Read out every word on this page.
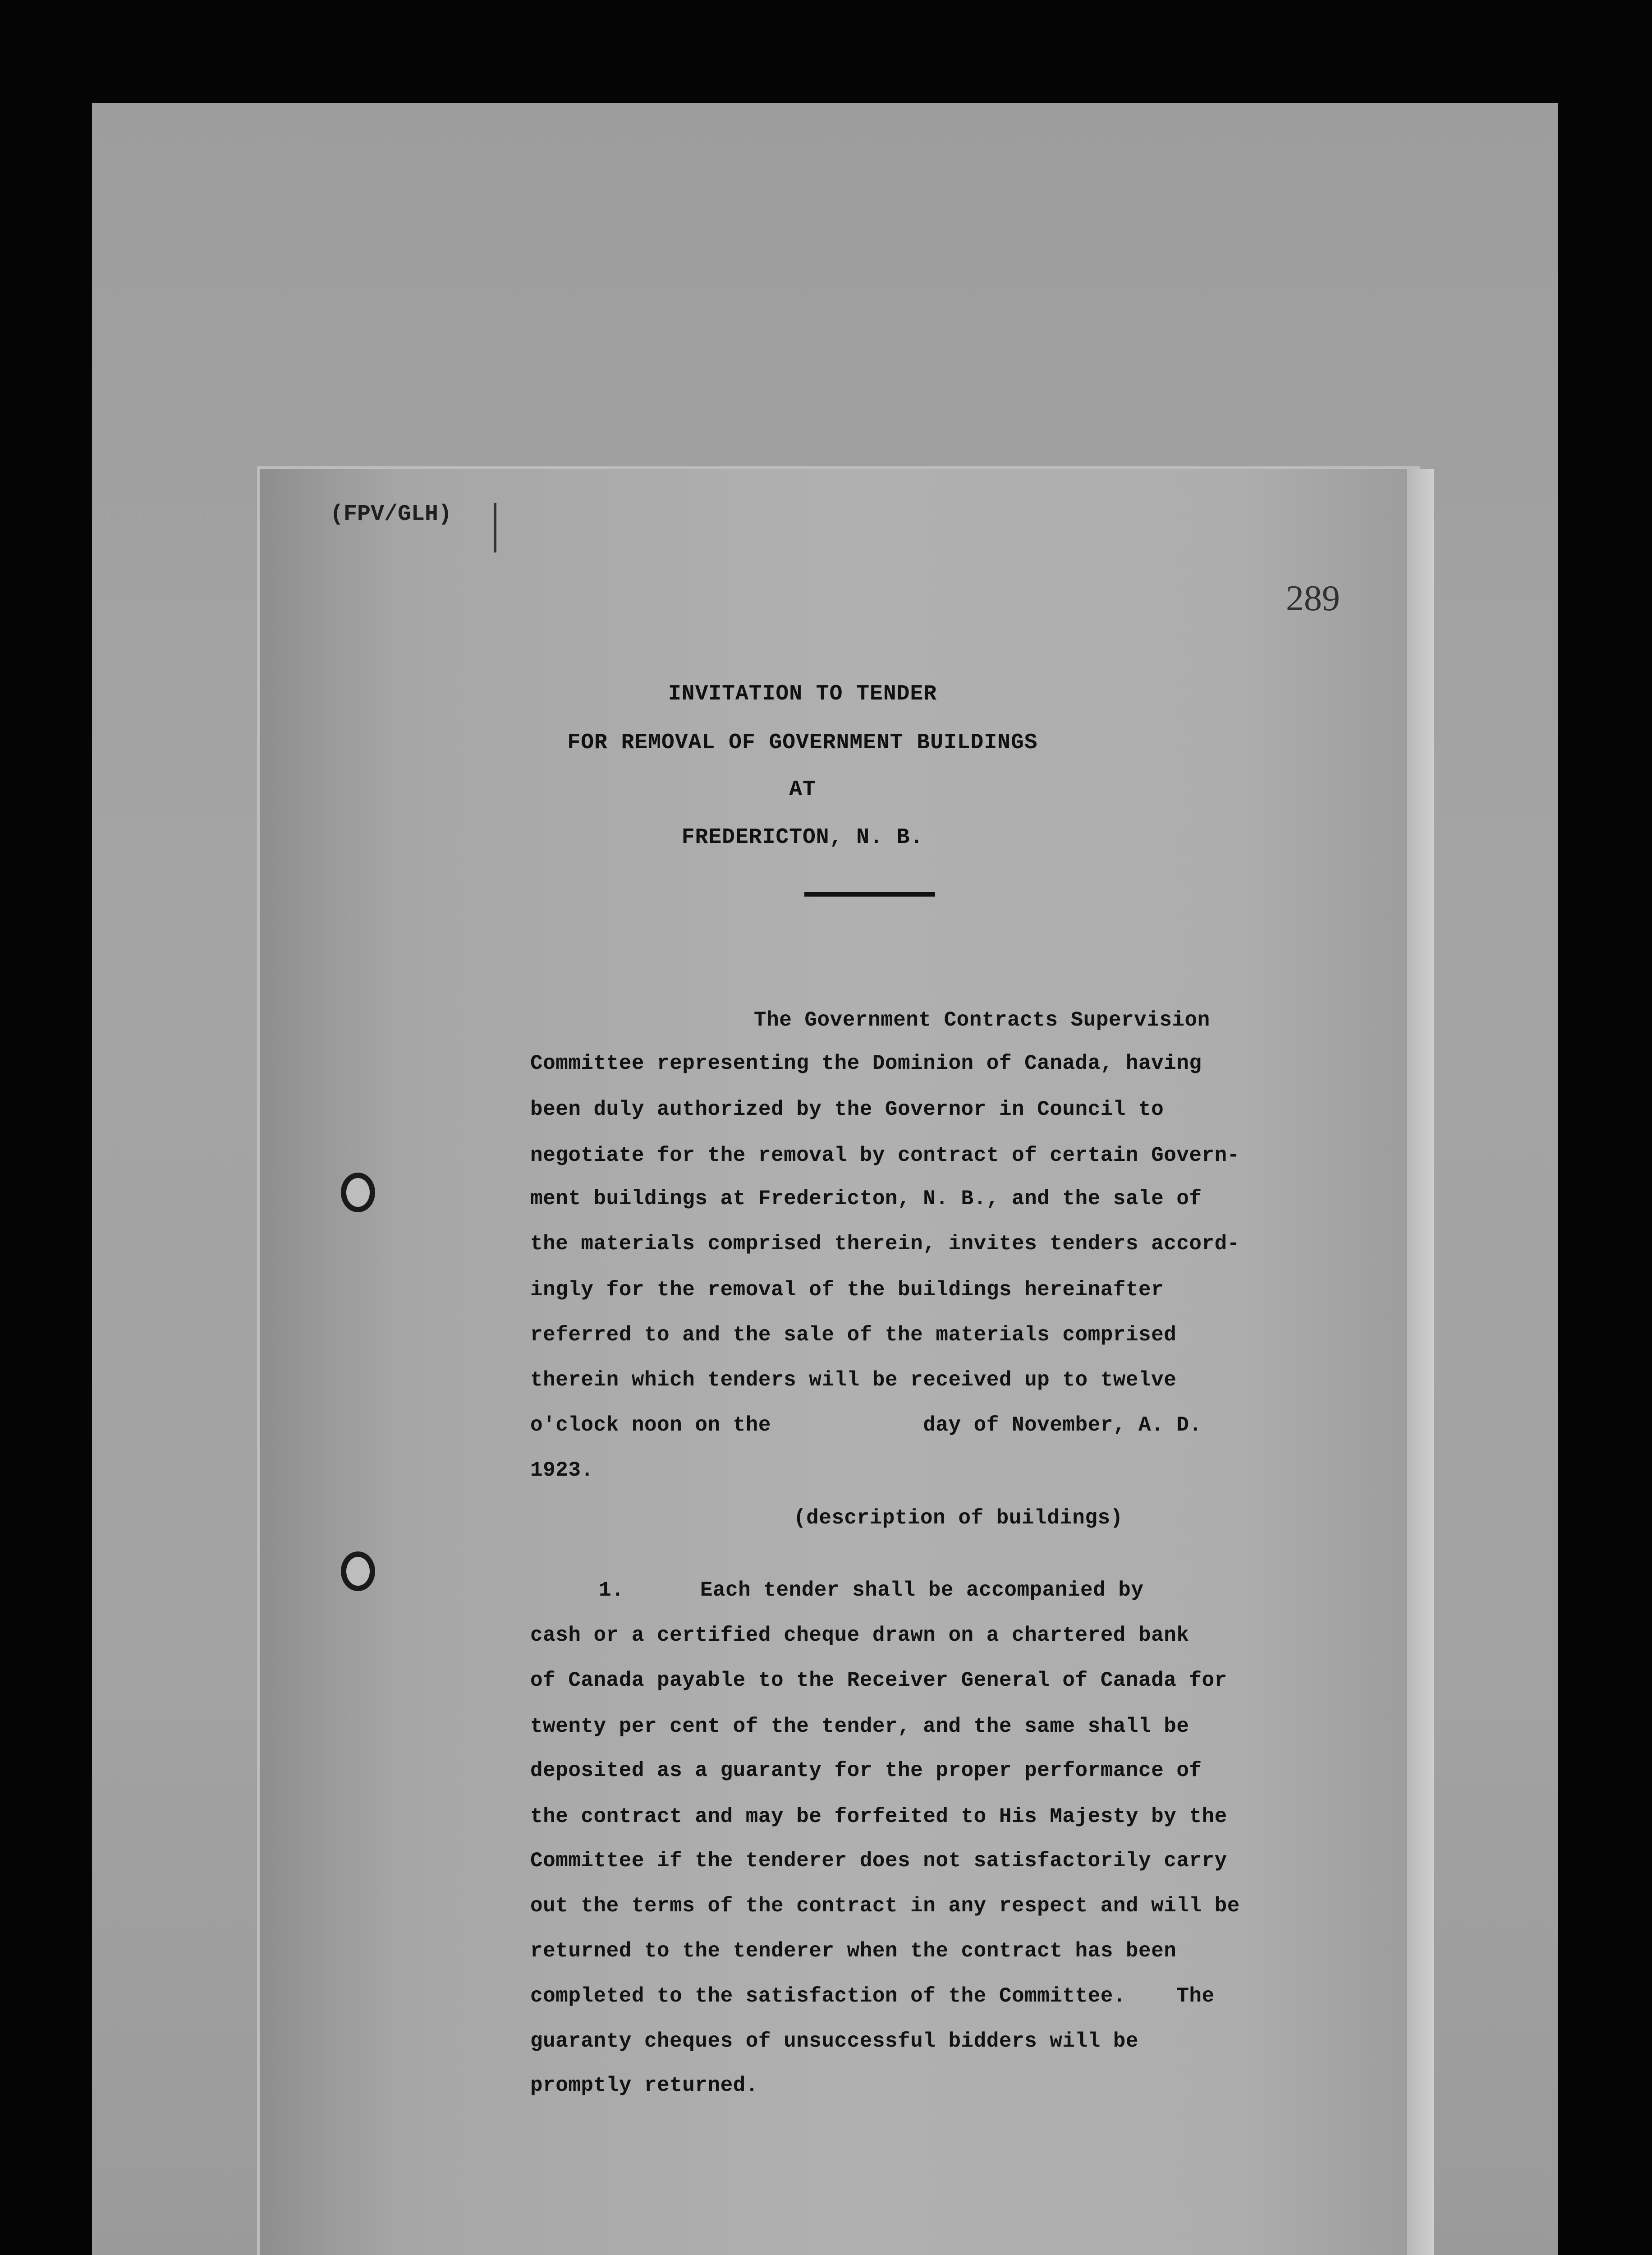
(FPV/GLH)
289
INVITATION TO TENDER
FOR REMOVAL OF GOVERNMENT BUILDINGS
AT
FREDERICTON, N. B.
The Government Contracts Supervision
Committee representing the Dominion of Canada, having
been duly authorized by the Governor in Council to
negotiate for the removal by contract of certain Govern-
ment buildings at Fredericton, N. B., and the sale of
the materials comprised therein, invites tenders accord-
ingly for the removal of the buildings hereinafter
referred to and the sale of the materials comprised
therein which tenders will be received up to twelve
o'clock noon on the            day of November, A. D.
1923.
(description of buildings)
1.      Each tender shall be accompanied by
cash or a certified cheque drawn on a chartered bank
of Canada payable to the Receiver General of Canada for
twenty per cent of the tender, and the same shall be
deposited as a guaranty for the proper performance of
the contract and may be forfeited to His Majesty by the
Committee if the tenderer does not satisfactorily carry
out the terms of the contract in any respect and will be
returned to the tenderer when the contract has been
completed to the satisfaction of the Committee.    The
guaranty cheques of unsuccessful bidders will be
promptly returned.
